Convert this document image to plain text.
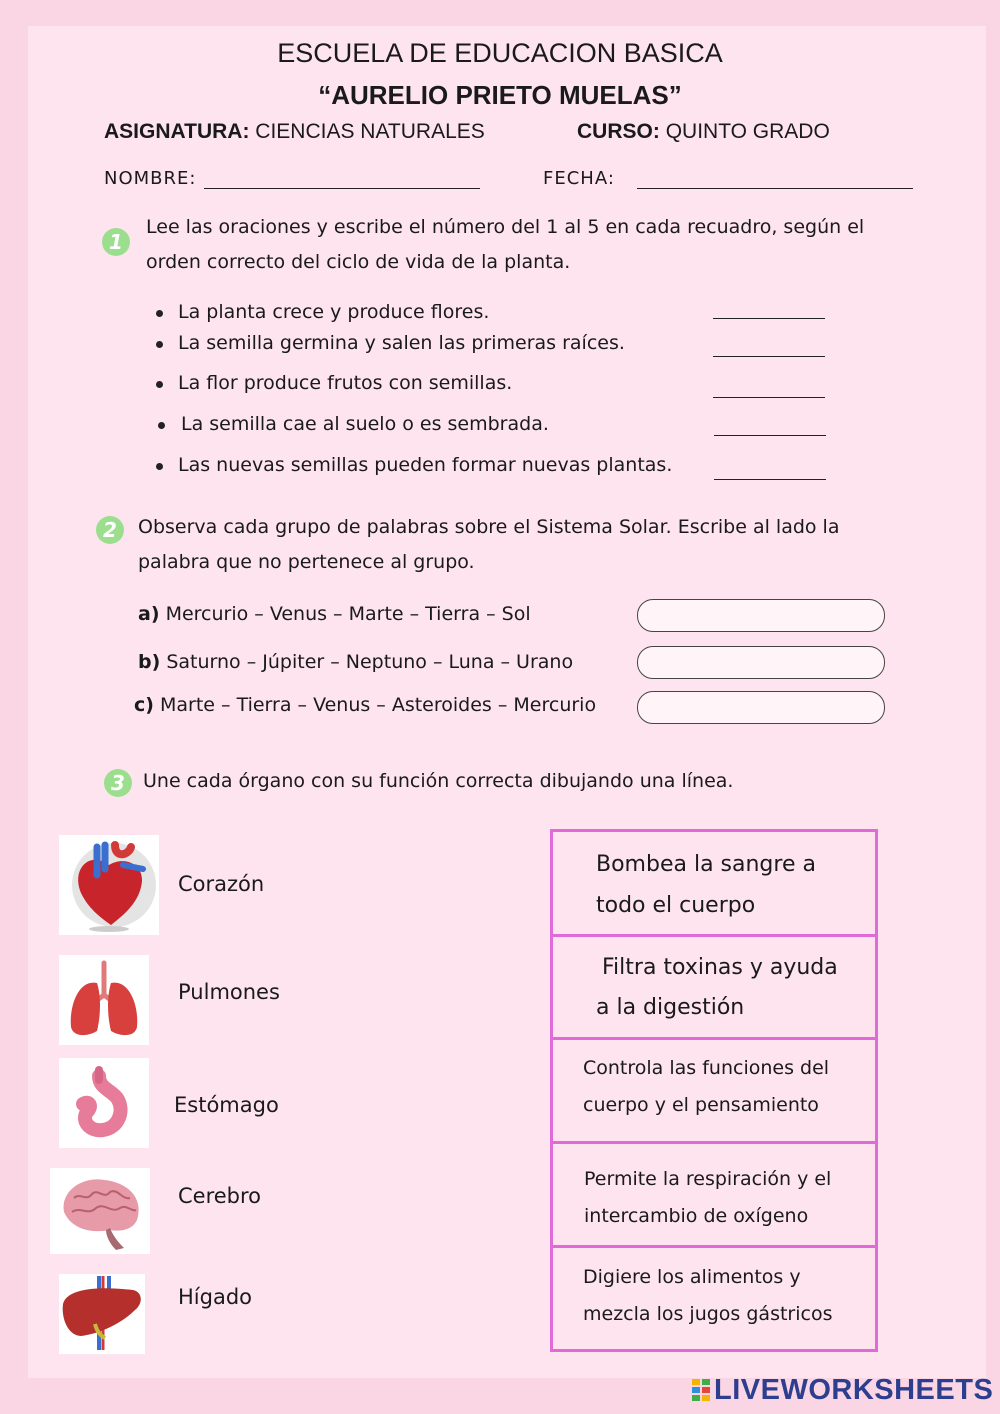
ESCUELA DE EDUCACION BASICA
“AURELIO PRIETO MUELAS”
ASIGNATURA: CIENCIAS NATURALES	CURSO: QUINTO GRADO
NOMBRE:	FECHA:
1
Lee las oraciones y escribe el número del 1 al 5 en cada recuadro, según el
orden correcto del ciclo de vida de la planta.
La planta crece y produce flores.
La semilla germina y salen las primeras raíces.
La flor produce frutos con semillas.
La semilla cae al suelo o es sembrada.
Las nuevas semillas pueden formar nuevas plantas.
2	Observa cada grupo de palabras sobre el Sistema Solar. Escribe al lado la
palabra que no pertenece al grupo.
a) Mercurio – Venus – Marte – Tierra – Sol
b) Saturno – Júpiter – Neptuno – Luna – Urano
c) Marte – Tierra – Venus – Asteroides – Mercurio
3 Une cada órgano con su función correcta dibujando una línea.
Corazón
Pulmones
Estómago
Cerebro
Hígado
Bombea la sangre a
todo el cuerpo
Filtra toxinas y ayuda
a la digestión
Controla las funciones del
cuerpo y el pensamiento
Permite la respiración y el
intercambio de oxígeno
Digiere los alimentos y
mezcla los jugos gástricos
LIVEWORKSHEETS
